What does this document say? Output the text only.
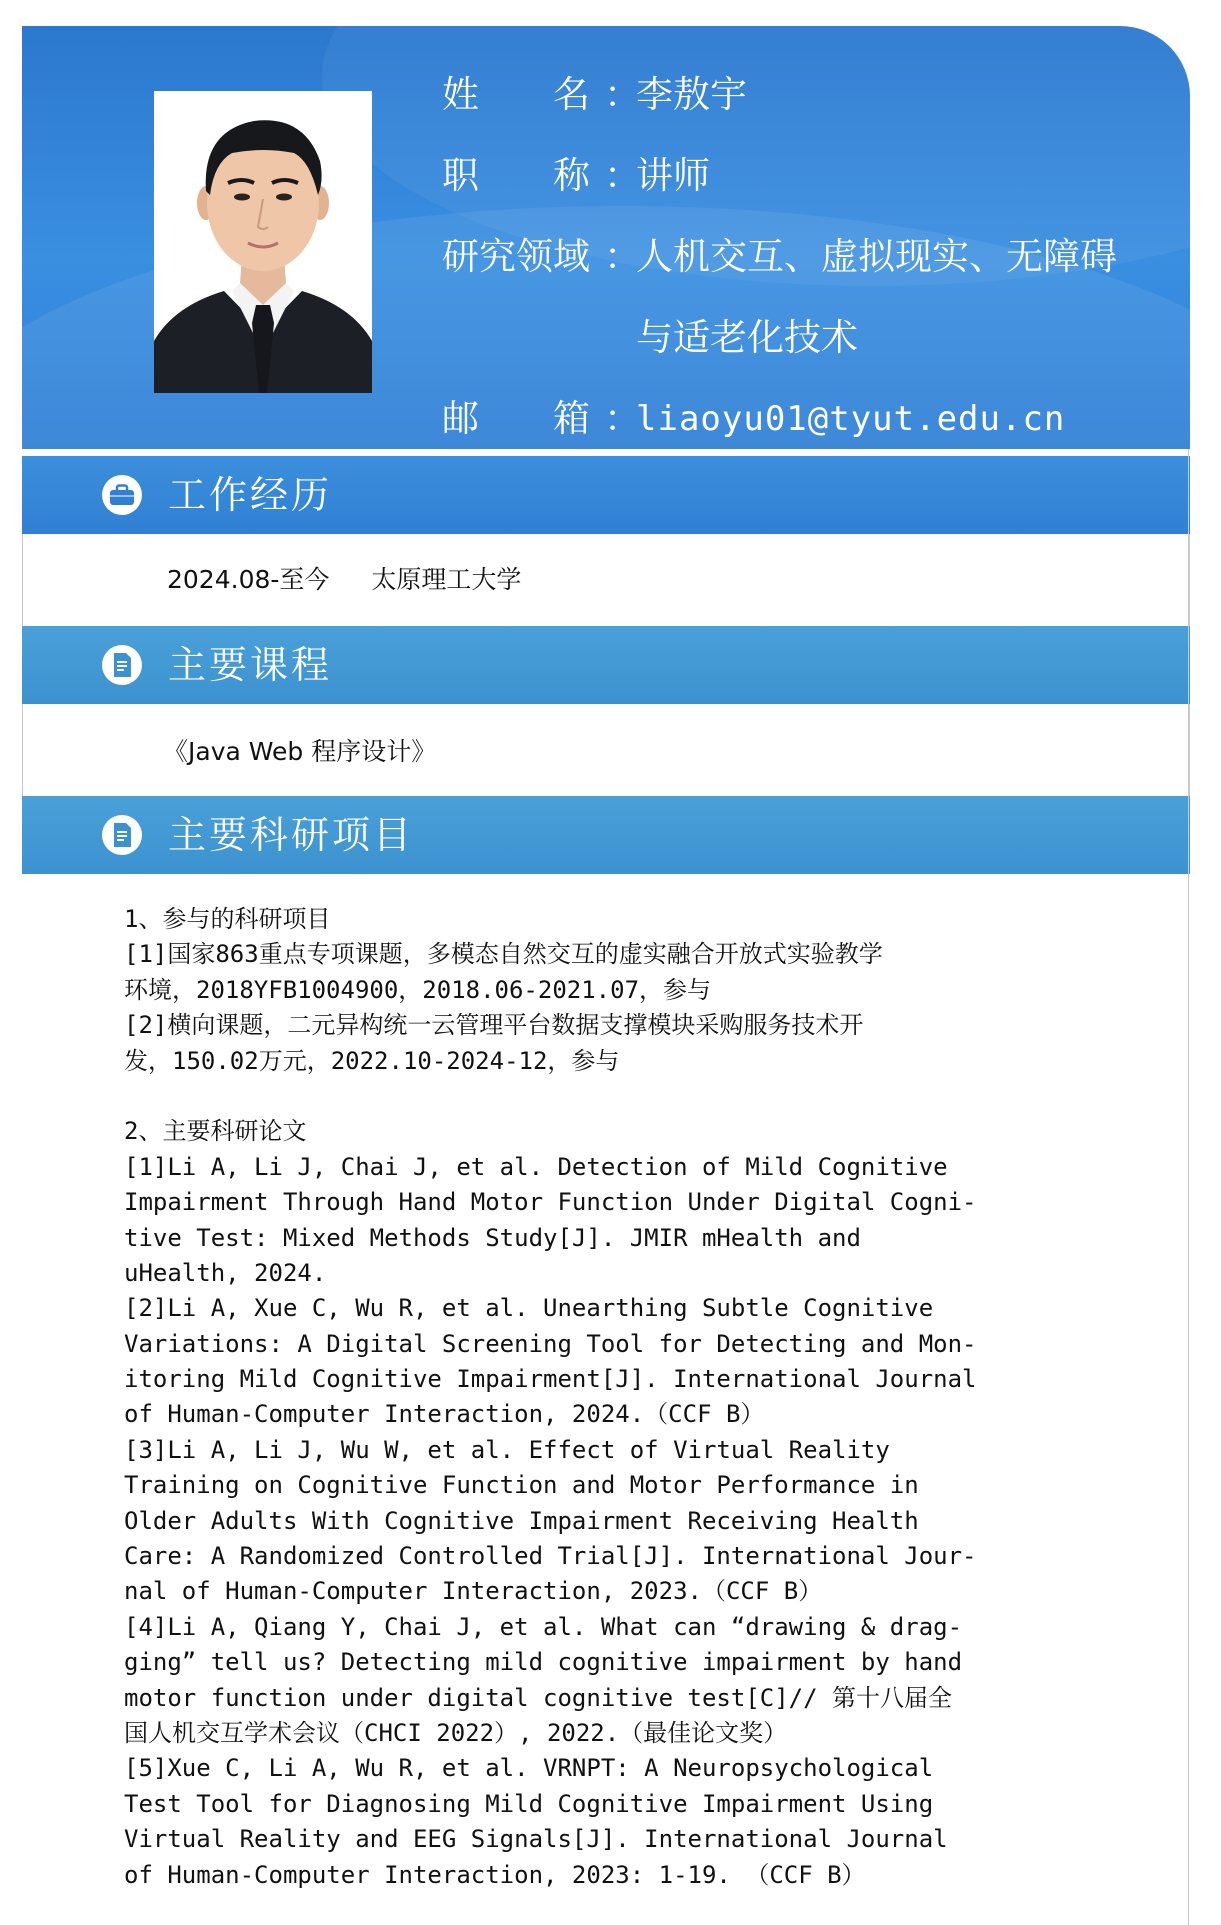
姓　　名 ：
李敖宇
职　　称 ：
讲师
研究领域 ：
人机交互、虚拟现实、无障碍
与适老化技术
邮　　箱 ：
liaoyu01@tyut.edu.cn
工作经历
2024.08-至今 太原理工大学
主要课程
《Java Web 程序设计》
主要科研项目
1、参与的科研项目
[1]国家863重点专项课题，多模态自然交互的虚实融合开放式实验教学
环境，2018YFB1004900，2018.06-2021.07，参与
[2]横向课题，二元异构统一云管理平台数据支撑模块采购服务技术开
发，150.02万元，2022.10-2024-12，参与
2、主要科研论文
[1]Li A, Li J, Chai J, et al. Detection of Mild Cognitive
Impairment Through Hand Motor Function Under Digital Cogni-
tive Test: Mixed Methods Study[J]. JMIR mHealth and
uHealth, 2024.
[2]Li A, Xue C, Wu R, et al. Unearthing Subtle Cognitive
Variations: A Digital Screening Tool for Detecting and Mon-
itoring Mild Cognitive Impairment[J]. International Journal
of Human‑Computer Interaction, 2024.（CCF B）
[3]Li A, Li J, Wu W, et al. Effect of Virtual Reality
Training on Cognitive Function and Motor Performance in
Older Adults With Cognitive Impairment Receiving Health
Care: A Randomized Controlled Trial[J]. International Jour-
nal of Human‑Computer Interaction, 2023.（CCF B）
[4]Li A, Qiang Y, Chai J, et al. What can “drawing & drag-
ging” tell us? Detecting mild cognitive impairment by hand
motor function under digital cognitive test[C]// 第十八届全
国人机交互学术会议（CHCI 2022）, 2022.（最佳论文奖）
[5]Xue C, Li A, Wu R, et al. VRNPT: A Neuropsychological
Test Tool for Diagnosing Mild Cognitive Impairment Using
Virtual Reality and EEG Signals[J]. International Journal
of Human‑Computer Interaction, 2023: 1-19. （CCF B）
